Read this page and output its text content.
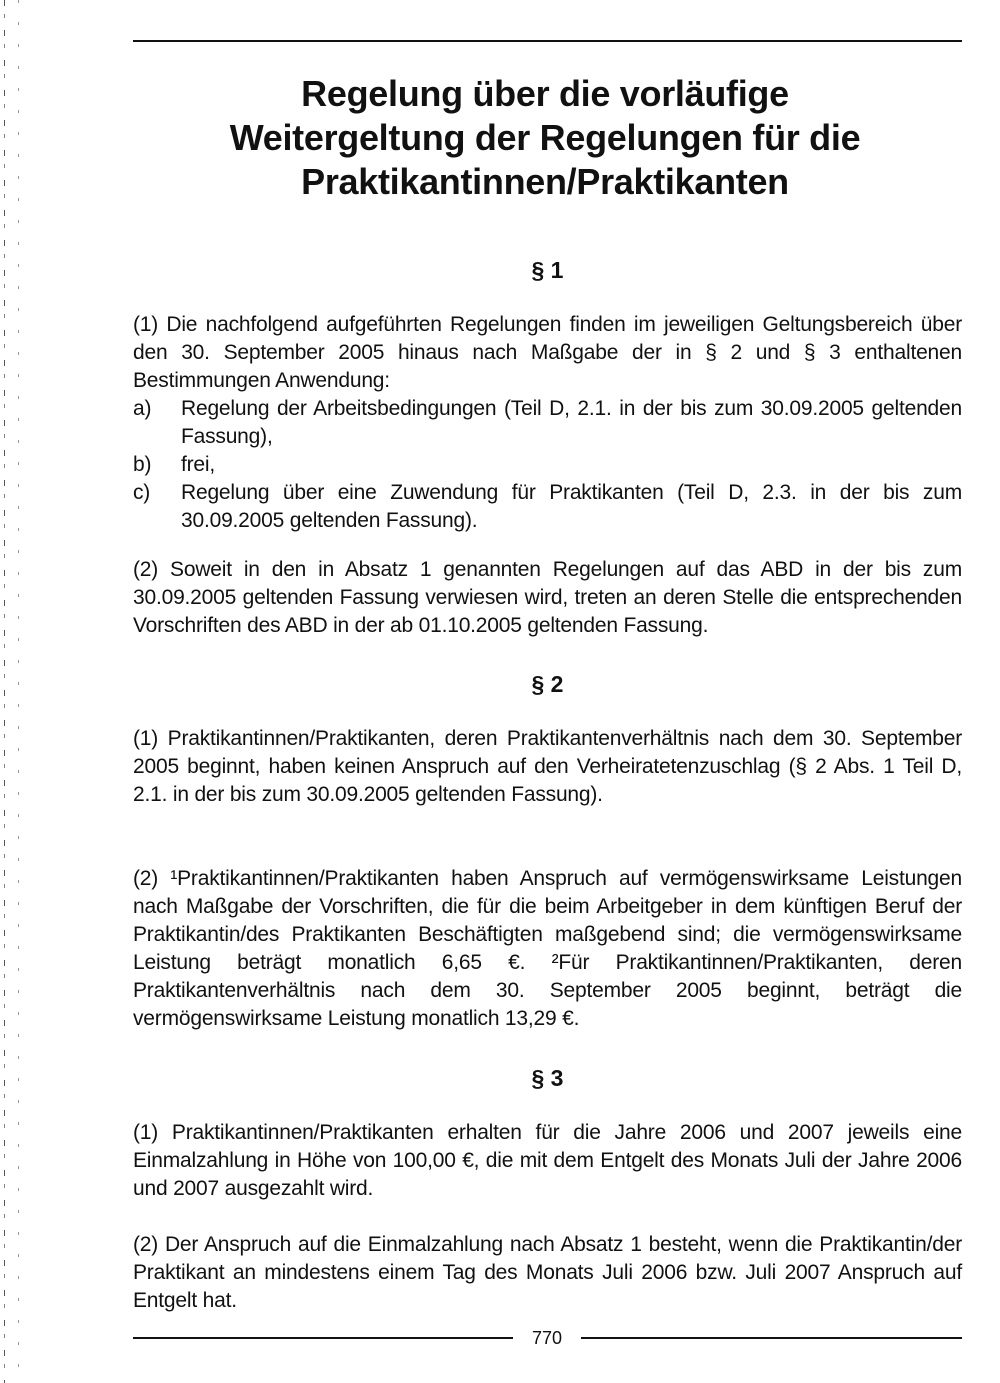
Regelung über die vorläufige
Weitergeltung der Regelungen für die
Praktikantinnen/Praktikanten
§ 1
(1) Die nachfolgend aufgeführten Regelungen finden im jeweiligen Geltungsbereich über den 30. September 2005 hinaus nach Maßgabe der in § 2 und § 3 enthaltenen Bestimmungen Anwendung:
a)	Regelung der Arbeitsbedingungen (Teil D, 2.1. in der bis zum 30.09.2005 geltenden Fassung),
b)	frei,
c)	Regelung über eine Zuwendung für Praktikanten (Teil D, 2.3. in der bis zum 30.09.2005 geltenden Fassung).
(2) Soweit in den in Absatz 1 genannten Regelungen auf das ABD in der bis zum 30.09.2005 geltenden Fassung verwiesen wird, treten an deren Stelle die entsprechenden Vorschriften des ABD in der ab 01.10.2005 geltenden Fassung.
§ 2
(1) Praktikantinnen/Praktikanten, deren Praktikantenverhältnis nach dem 30. September 2005 beginnt, haben keinen Anspruch auf den Verheiratetenzuschlag (§ 2 Abs. 1 Teil D, 2.1. in der bis zum 30.09.2005 geltenden Fassung).
(2) ¹Praktikantinnen/Praktikanten haben Anspruch auf vermögenswirksame Leistungen nach Maßgabe der Vorschriften, die für die beim Arbeitgeber in dem künftigen Beruf der Praktikantin/des Praktikanten Beschäftigten maßgebend sind; die vermögenswirksame Leistung beträgt monatlich 6,65 €. ²Für Praktikantinnen/Praktikanten, deren Praktikantenverhältnis nach dem 30. September 2005 beginnt, beträgt die vermögenswirksame Leistung monatlich 13,29 €.
§ 3
(1) Praktikantinnen/Praktikanten erhalten für die Jahre 2006 und 2007 jeweils eine Einmalzahlung in Höhe von 100,00 €, die mit dem Entgelt des Monats Juli der Jahre 2006 und 2007 ausgezahlt wird.
(2) Der Anspruch auf die Einmalzahlung nach Absatz 1 besteht, wenn die Praktikantin/der Praktikant an mindestens einem Tag des Monats Juli 2006 bzw. Juli 2007 Anspruch auf Entgelt hat.
770
